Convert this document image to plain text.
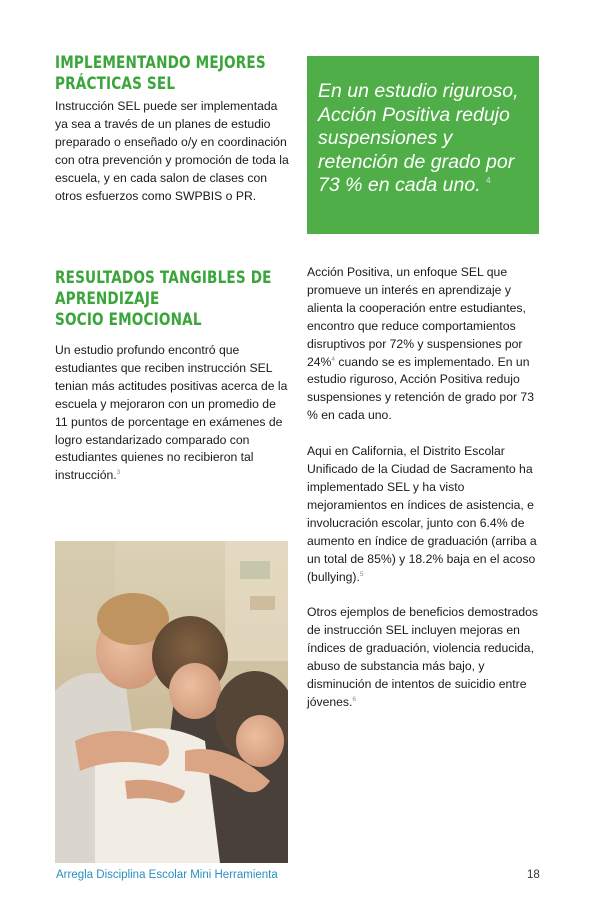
IMPLEMENTANDO MEJORES
PRÁCTICAS SEL

Instrucción SEL puede ser implementada ya sea a través de un planes de estudio preparado o enseñado o/y en coordinación con otra prevención y promoción de toda la escuela, y en cada salon de clases con otros esfuerzos como SWPBIS o PR.

En un estudio riguroso, Acción Positiva redujo suspensiones y retención de grado por 73 % en cada uno. $^4$

RESULTADOS TANGIBLES DE
APRENDIZAJE
SOCIO EMOCIONAL

Un estudio profundo encontró que estudiantes que reciben instrucción SEL tenian más actitudes positivas acerca de la escuela y mejoraron con un promedio de 11 puntos de porcentage en exámenes de logro estandarizado comparado con estudiantes quienes no recibieron tal instrucción.$^3$

Acción Positiva, un enfoque SEL que promueve un interés en aprendizaje y alienta la cooperación entre estudiantes, encontro que reduce comportamientos disruptivos por 72% y suspensiones por 24%$^4$ cuando se es implementado. En un estudio riguroso, Acción Positiva redujo suspensiones y retención de grado por 73 % en cada uno.

Aqui en California, el Distrito Escolar Unificado de la Ciudad de Sacramento ha implementado SEL y ha visto mejoramientos en índices de asistencia, e involucración escolar, junto con 6.4% de aumento en índice de graduación (arriba a un total de 85%) y 18.2% baja en el acoso (bullying).$^5$

Otros ejemplos de beneficios demostrados de instrucción SEL incluyen mejoras en índices de graduación, violencia reducida, abuso de substancia más bajo, y disminución de intentos de suicidio entre jóvenes.$^6$

Arregla Disciplina Escolar Mini Herramienta	18
